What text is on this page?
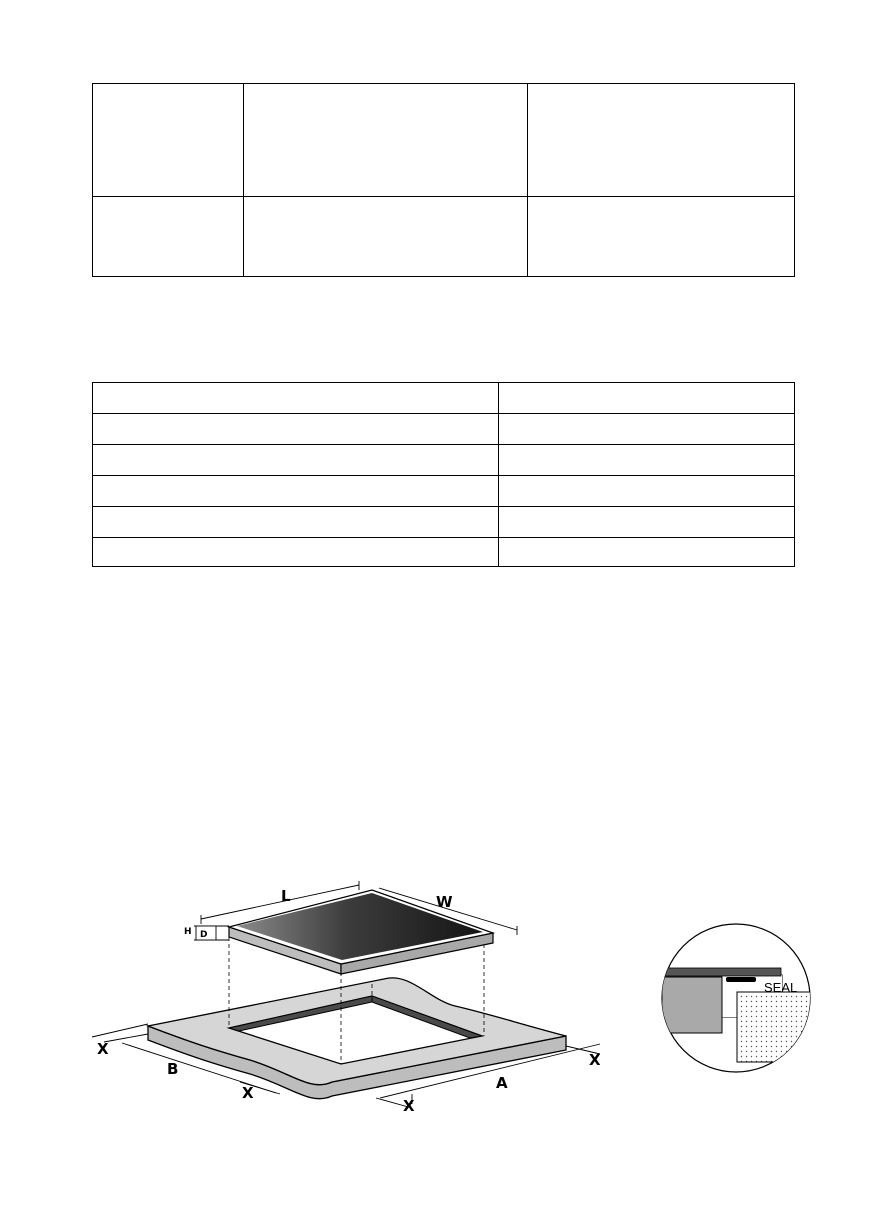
L	W
H D
X
B
X
X
A
X
SEAL
